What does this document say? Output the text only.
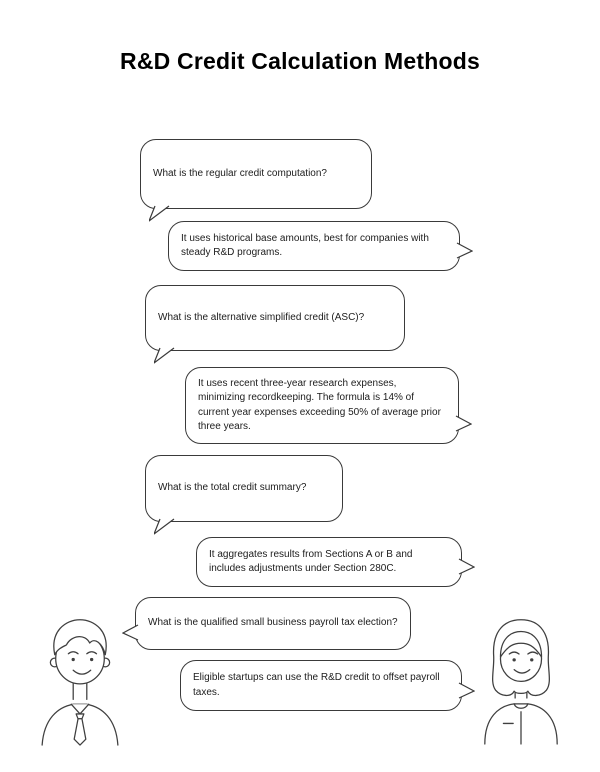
R&D Credit Calculation Methods
What is the regular credit computation?
It uses historical base amounts, best for companies with steady R&D programs.
What is the alternative simplified credit (ASC)?
It uses recent three-year research expenses, minimizing recordkeeping. The formula is 14% of current year expenses exceeding 50% of average prior three years.
What is the total credit summary?
It aggregates results from Sections A or B and includes adjustments under Section 280C.
What is the qualified small business payroll tax election?
Eligible startups can use the R&D credit to offset payroll taxes.
